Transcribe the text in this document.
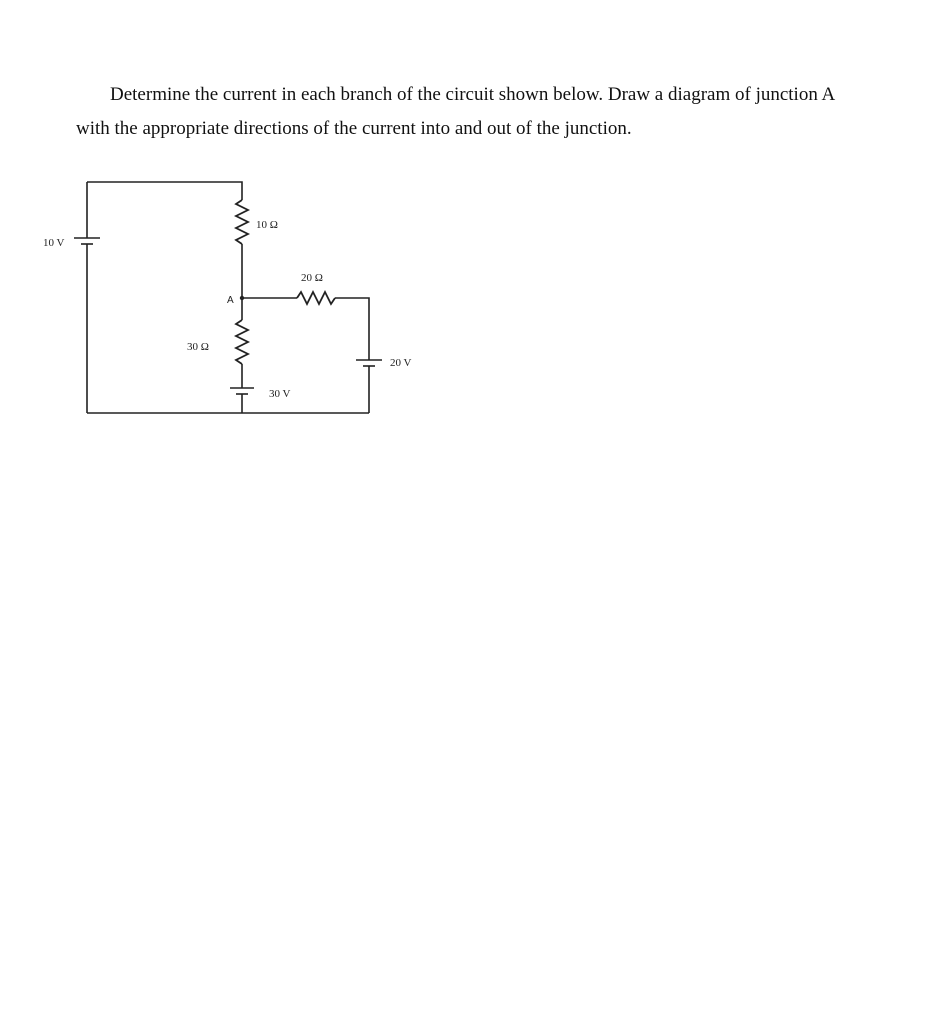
Determine the current in each branch of the circuit shown below. Draw a diagram of junction A
with the appropriate directions of the current into and out of the junction.
10 V
10 Ω
A
20 Ω
20 V
30 Ω
30 V
